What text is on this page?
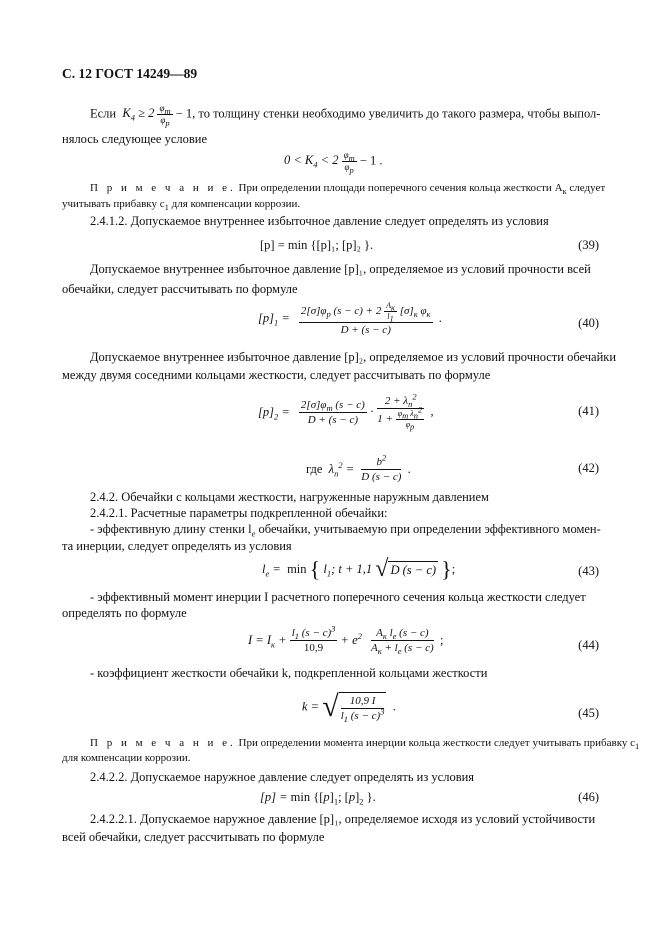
С. 12 ГОСТ 14249—89
Если  $K_4 \ge 2 \frac{\varphi_т}{\varphi_p} - 1$, то толщину стенки необходимо увеличить до такого размера, чтобы выпол-
нялось следующее условие
$0 < K_4 < 2 \frac{\varphi_т}{\varphi_p} - 1$ .
П р и м е ч а н и е. При определении площади поперечного сечения кольца жесткости $A_к$ следует
учитывать прибавку $c_1$ для компенсации коррозии.
2.4.1.2. Допускаемое внутреннее избыточное давление следует определять из условия
[p] = min {[p]₁; [p]₂ }.	(39)
Допускаемое внутреннее избыточное давление [p]₁, определяемое из условий прочности всей
обечайки, следует рассчитывать по формуле
$[p]_1 = \frac{2[\sigma]\varphi_p (s - c) + 2 \frac{A_к}{l_1} [\sigma]_к \varphi_к}{D + (s - c)}$ .	(40)
Допускаемое внутреннее избыточное давление [p]₂, определяемое из условий прочности обечайки
между двумя соседними кольцами жесткости, следует рассчитывать по формуле
$[p]_2 = \frac{2[\sigma]\varphi_т (s - c)}{D + (s - c)} \cdot \frac{2 + \lambda_n^2}{1 + \frac{\varphi_т \lambda_n^2}{\varphi_p}}$ ,	(41)
где  $\lambda_n^2 = \frac{b^2}{D (s - c)}$ .	(42)
2.4.2. Обечайки с кольцами жесткости, нагруженные наружным давлением
2.4.2.1. Расчетные параметры подкрепленной обечайки:
- эффективную длину стенки $l_e$ обечайки, учитываемую при определении эффективного момен-
та инерции, следует определять из условия
$l_e = \min$ { $l_1$; t + 1,1 √ D (s − c) };	(43)
- эффективный момент инерции I расчетного поперечного сечения кольца жесткости следует
определять по формуле
$I = I_к + \frac{l_1 (s - c)^3}{10,9} + e^2 \frac{A_к l_e (s - c)}{A_к + l_e (s - c)}$ ;	(44)
- коэффициент жесткости обечайки k, подкрепленной кольцами жесткости
k = √ $\frac{10,9 I}{l_1 (s - c)^3}$ .	(45)
П р и м е ч а н и е. При определении момента инерции кольца жесткости следует учитывать прибавку $c_1$
для компенсации коррозии.
2.4.2.2. Допускаемое наружное давление следует определять из условия
$[p] = \min \{[p]_1$; $[p]_2$ }.	(46)
2.4.2.2.1. Допускаемое наружное давление [p]₁, определяемое исходя из условий устойчивости
всей обечайки, следует рассчитывать по формуле
